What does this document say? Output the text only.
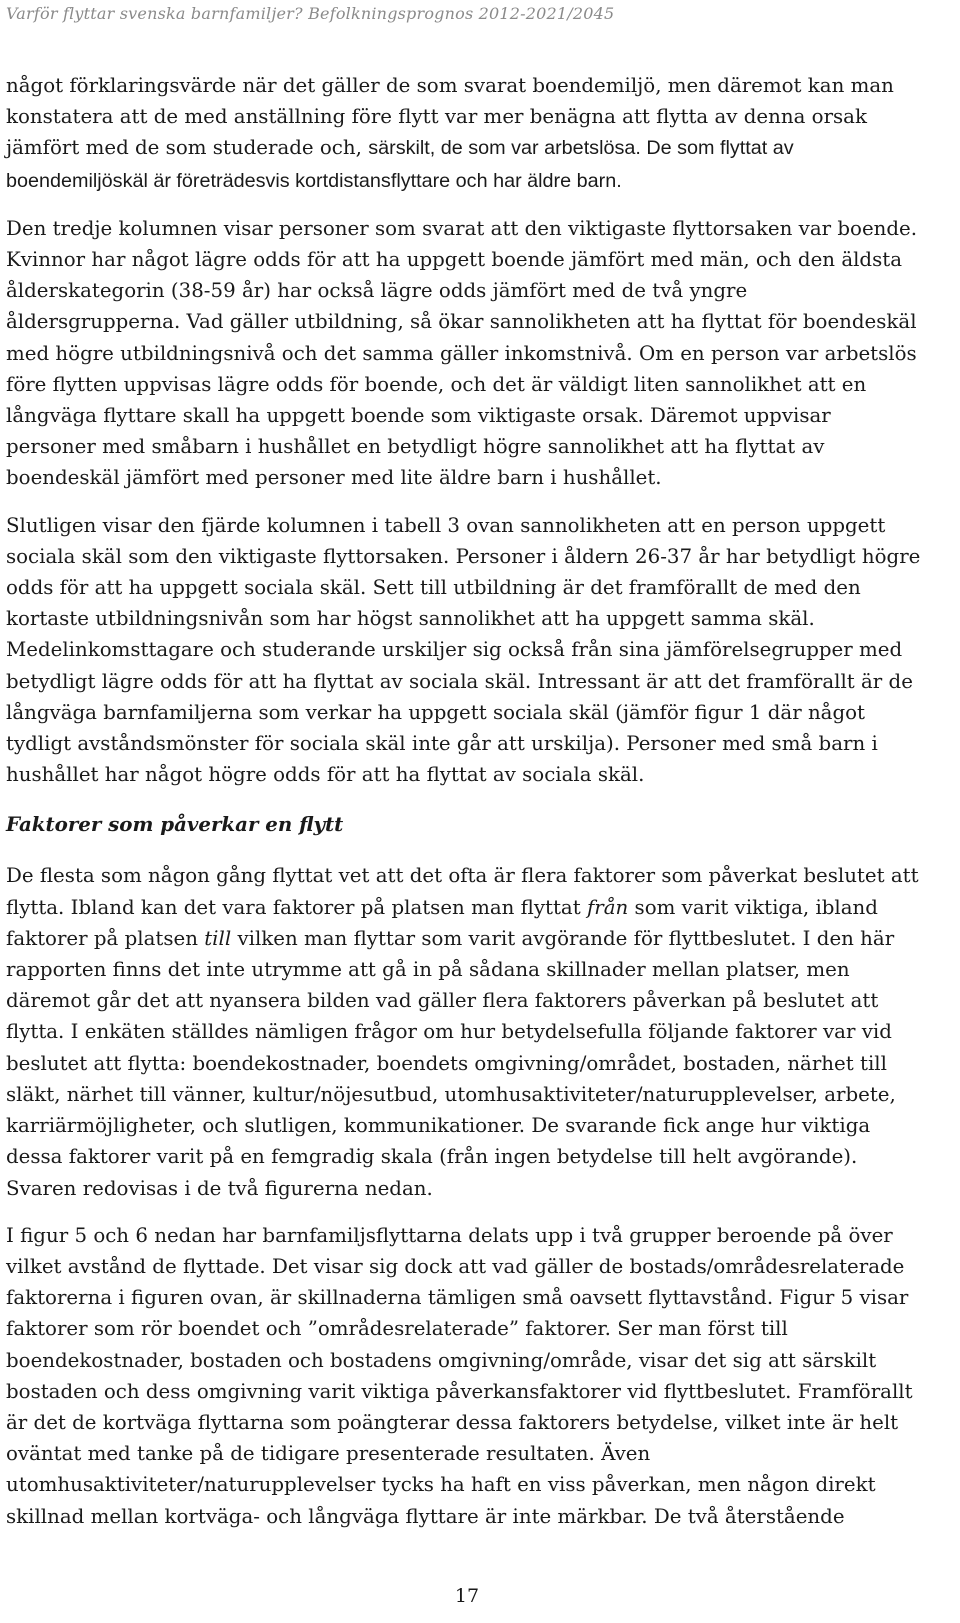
Varför flyttar svenska barnfamiljer? Befolkningsprognos 2012-2021/2045

något förklaringsvärde när det gäller de som svarat boendemiljö, men däremot kan man konstatera att de med anställning före flytt var mer benägna att flytta av denna orsak jämfört med de som studerade och, särskilt, de som var arbetslösa. De som flyttat av boendemiljöskäl är företrädesvis kortdistansflyttare och har äldre barn.

Den tredje kolumnen visar personer som svarat att den viktigaste flyttorsaken var boende. Kvinnor har något lägre odds för att ha uppgett boende jämfört med män, och den äldsta ålderskategorin (38-59 år) har också lägre odds jämfört med de två yngre åldersgrupperna. Vad gäller utbildning, så ökar sannolikheten att ha flyttat för boendeskäl med högre utbildningsnivå och det samma gäller inkomstnivå. Om en person var arbetslös före flytten uppvisas lägre odds för boende, och det är väldigt liten sannolikhet att en långväga flyttare skall ha uppgett boende som viktigaste orsak. Däremot uppvisar personer med småbarn i hushållet en betydligt högre sannolikhet att ha flyttat av boendeskäl jämfört med personer med lite äldre barn i hushållet.

Slutligen visar den fjärde kolumnen i tabell 3 ovan sannolikheten att en person uppgett sociala skäl som den viktigaste flyttorsaken. Personer i åldern 26-37 år har betydligt högre odds för att ha uppgett sociala skäl. Sett till utbildning är det framförallt de med den kortaste utbildningsnivån som har högst sannolikhet att ha uppgett samma skäl. Medelinkomsttagare och studerande urskiljer sig också från sina jämförelsegrupper med betydligt lägre odds för att ha flyttat av sociala skäl. Intressant är att det framförallt är de långväga barnfamiljerna som verkar ha uppgett sociala skäl (jämför figur 1 där något tydligt avståndsmönster för sociala skäl inte går att urskilja). Personer med små barn i hushållet har något högre odds för att ha flyttat av sociala skäl.

Faktorer som påverkar en flytt

De flesta som någon gång flyttat vet att det ofta är flera faktorer som påverkat beslutet att flytta. Ibland kan det vara faktorer på platsen man flyttat från som varit viktiga, ibland faktorer på platsen till vilken man flyttar som varit avgörande för flyttbeslutet. I den här rapporten finns det inte utrymme att gå in på sådana skillnader mellan platser, men däremot går det att nyansera bilden vad gäller flera faktorers påverkan på beslutet att flytta. I enkäten ställdes nämligen frågor om hur betydelsefulla följande faktorer var vid beslutet att flytta: boendekostnader, boendets omgivning/området, bostaden, närhet till släkt, närhet till vänner, kultur/nöjesutbud, utomhusaktiviteter/naturupplevelser, arbete, karriärmöjligheter, och slutligen, kommunikationer. De svarande fick ange hur viktiga dessa faktorer varit på en femgradig skala (från ingen betydelse till helt avgörande). Svaren redovisas i de två figurerna nedan.

I figur 5 och 6 nedan har barnfamiljsflyttarna delats upp i två grupper beroende på över vilket avstånd de flyttade. Det visar sig dock att vad gäller de bostads/områdesrelaterade faktorerna i figuren ovan, är skillnaderna tämligen små oavsett flyttavstånd. Figur 5 visar faktorer som rör boendet och ”områdesrelaterade” faktorer. Ser man först till boendekostnader, bostaden och bostadens omgivning/område, visar det sig att särskilt bostaden och dess omgivning varit viktiga påverkansfaktorer vid flyttbeslutet. Framförallt är det de kortväga flyttarna som poängterar dessa faktorers betydelse, vilket inte är helt oväntat med tanke på de tidigare presenterade resultaten. Även utomhusaktiviteter/naturupplevelser tycks ha haft en viss påverkan, men någon direkt skillnad mellan kortväga- och långväga flyttare är inte märkbar. De två återstående

17
